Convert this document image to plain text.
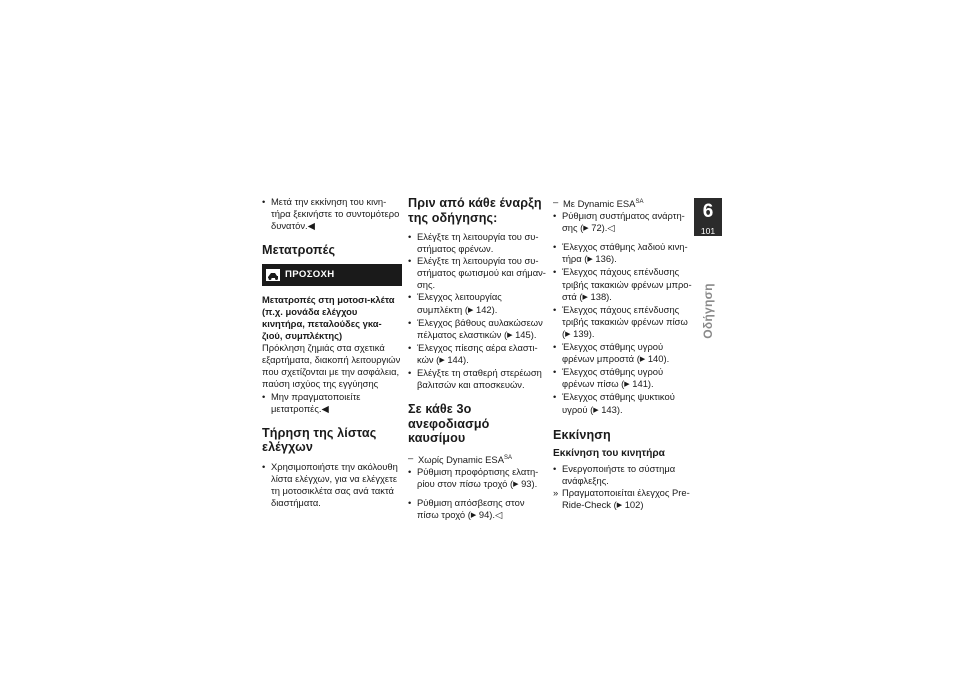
• Μετά την εκκίνηση του κινη-τήρα ξεκινήστε το συντομότερο δυνατόν.◀
Μετατροπές
ΠΡΟΣΟΧΗ
Μετατροπές στη μοτοσι-κλέτα (π.χ. μονάδα ελέγχου κινητήρα, πεταλούδες γκα-ζιού, συμπλέκτης)
Πρόκληση ζημιάς στα σχετικά εξαρτήματα, διακοπή λειτουργιών που σχετίζονται με την ασφάλεια, παύση ισχύος της εγγύησης
• Μην πραγματοποιείτε μετατροπές.◀
Τήρηση της λίστας ελέγχων
• Χρησιμοποιήστε την ακόλουθη λίστα ελέγχων, για να ελέγχετε τη μοτοσικλέτα σας ανά τακτά διαστήματα.
Πριν από κάθε έναρξη της οδήγησης:
• Ελέγξτε τη λειτουργία του συ-στήματος φρένων.
• Ελέγξτε τη λειτουργία του συ-στήματος φωτισμού και σήμαν-σης.
• Έλεγχος λειτουργίας συμπλέκτη (▶ 142).
• Έλεγχος βάθους αυλακώσεων πέλματος ελαστικών (▶ 145).
• Έλεγχος πίεσης αέρα ελαστι-κών (▶ 144).
• Ελέγξτε τη σταθερή στερέωση βαλιτσών και αποσκευών.
Σε κάθε 3ο ανεφοδιασμό καυσίμου
– Χωρίς Dynamic $ESA^{SA}$
• Ρύθμιση προφόρτισης ελατη-ρίου στον πίσω τροχό (▶ 93).
• Ρύθμιση απόσβεσης στον πίσω τροχό (▶ 94).◁
– Με Dynamic $ESA^{SA}$
• Ρύθμιση συστήματος ανάρτη-σης (▶ 72).◁
• Έλεγχος στάθμης λαδιού κινη-τήρα (▶ 136).
• Έλεγχος πάχους επένδυσης τριβής τακακιών φρένων μπρο-στά (▶ 138).
• Έλεγχος πάχους επένδυσης τριβής τακακιών φρένων πίσω (▶ 139).
• Έλεγχος στάθμης υγρού φρένων μπροστά (▶ 140).
• Έλεγχος στάθμης υγρού φρένων πίσω (▶ 141).
• Έλεγχος στάθμης ψυκτικού υγρού (▶ 143).
Εκκίνηση
Εκκίνηση του κινητήρα
• Ενεργοποιήστε το σύστημα ανάφλεξης.
» Πραγματοποιείται έλεγχος Pre-Ride-Check (▶ 102)
6
101
Οδήγηση
